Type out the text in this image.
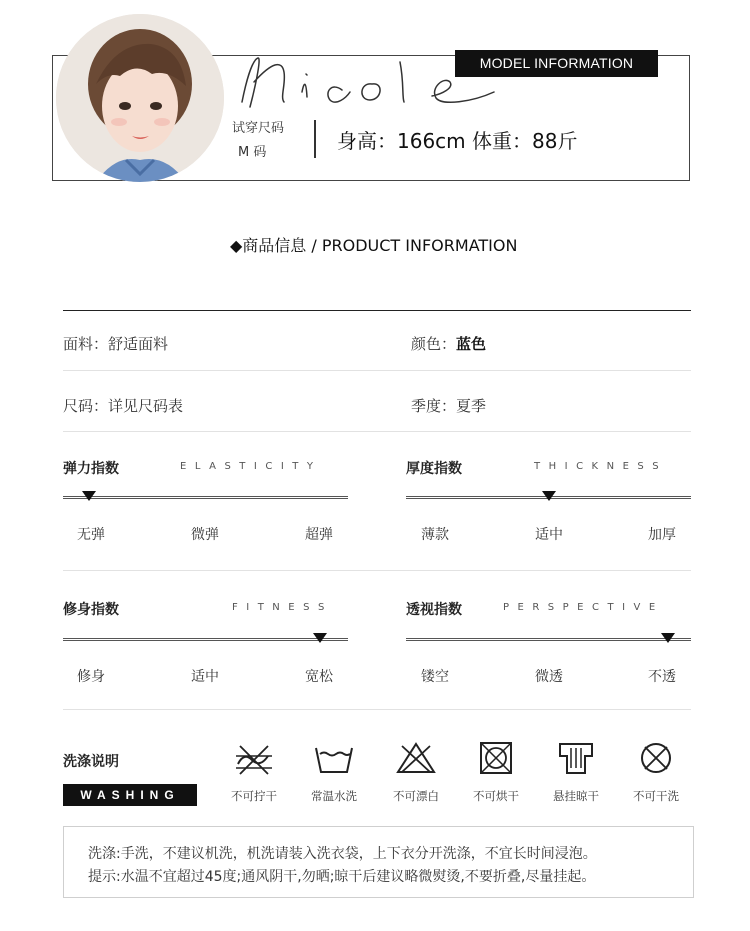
MODEL INFORMATION
试穿尺码
M 码	身高：166cm 体重：88斤
◆商品信息 / PRODUCT INFORMATION
面料：舒适面料	颜色：蓝色
尺码：详见尺码表	季度：夏季
弹力指数	ELASTICITY
无弹	微弹	超弹
厚度指数	THICKNESS
薄款	适中	加厚
修身指数	FITNESS
修身	适中	宽松
透视指数	PERSPECTIVE
镂空	微透	不透
洗涤说明
WASHING	不可拧干	常温水洗	不可漂白	不可烘干	悬挂晾干	不可干洗
洗涤:手洗，不建议机洗，机洗请装入洗衣袋，上下衣分开洗涤，不宜长时间浸泡。
提示:水温不宜超过45度;通风阴干,勿晒;晾干后建议略微熨烫,不要折叠,尽量挂起。
